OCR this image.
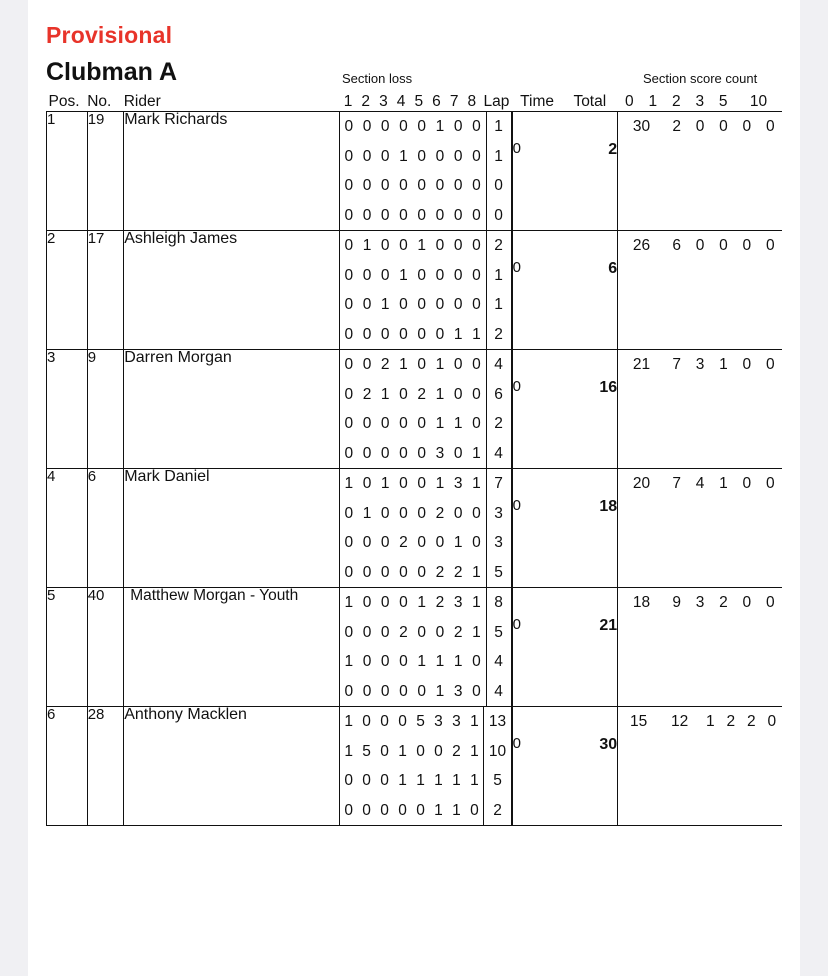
Provisional
Clubman A	Section loss	Section score count
Pos.	No.	Rider		1	2	3	4	5	6	7	8	Lap
	Time	Total	0	1	2	3	5	10

1	19	Mark Richards		0	0	0	0	0	1	0	0	1
0	0	0	1	0	0	0	0	1
0	0	0	0	0	0	0	0	0
0	0	0	0	0	0	0	0	0

0	2

30	2	0	0	0	0

2	17	Ashleigh James		0	1	0	0	1	0	0	0	2
0	0	0	1	0	0	0	0	1
0	0	1	0	0	0	0	0	1
0	0	0	0	0	0	1	1	2

0	6

26	6	0	0	0	0

3	9	Darren Morgan		0	0	2	1	0	1	0	0	4
0	2	1	0	2	1	0	0	6
0	0	0	0	0	1	1	0	2
0	0	0	0	0	3	0	1	4

0	16

21	7	3	1	0	0

4	6	Mark Daniel		1	0	1	0	0	1	3	1	7
0	1	0	0	0	2	0	0	3
0	0	0	2	0	0	1	0	3
0	0	0	0	0	2	2	1	5

0	18

20	7	4	1	0	0

5	40	Matthew Morgan - Youth		1	0	0	0	1	2	3	1	8
0	0	0	2	0	0	2	1	5
1	0	0	0	1	1	1	0	4
0	0	0	0	0	1	3	0	4

0	21

18	9	3	2	0	0

6	28	Anthony Macklen		1	0	0	0	5	3	3	1	13
1	5	0	1	0	0	2	1	10
0	0	0	1	1	1	1	1	5
0	0	0	0	0	1	1	0	2

0	30

15	12	1	2	2	0
